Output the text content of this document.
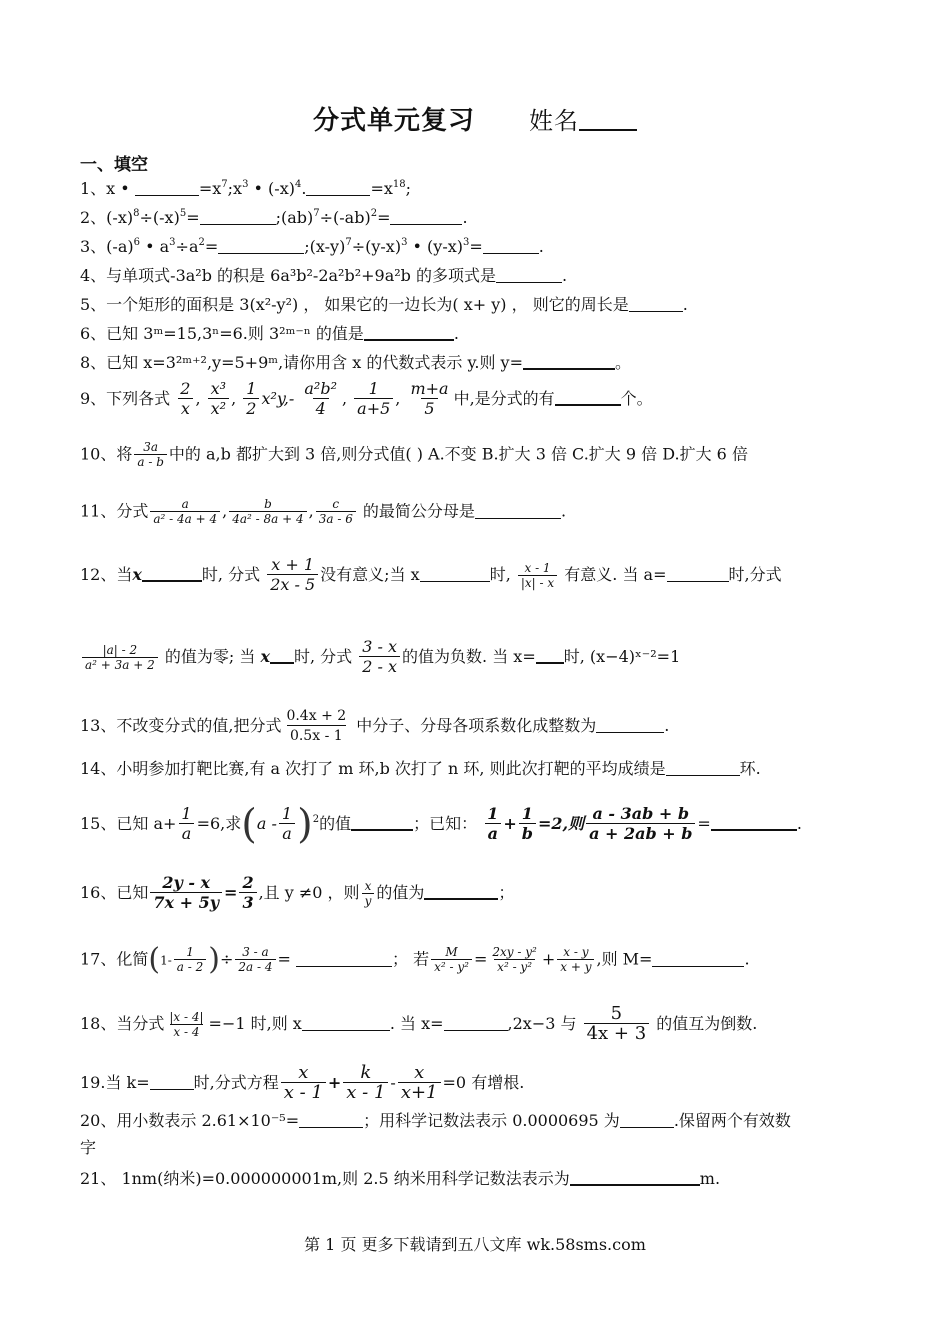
分式单元复习 姓名
一、填空
1、x •	$=x^7;x^3$ • $(-x)^4$.	$=x^{18}$;
2、$(-x)^8\div(-x)^5=$	$;(ab)^7\div(-ab)^2=$	.
3、$(-a)^6$ • $a^3\div a^2=$	$;(x-y)^7\div(y-x)^3$ • $(y-x)^3=$	.
4、与单项式-3a²b 的积是 6a³b²-2a²b²+9a²b 的多项式是	.
5、一个矩形的面积是 3(x²-y²) ， 如果它的一边长为( x+ y) ， 则它的周长是	.
6、已知 3ᵐ=15,3ⁿ=6.则 3²ᵐ⁻ⁿ 的值是	.
8、已知 x=3²ᵐ⁺²,y=5+9ᵐ,请你用含 x 的代数式表示 y.则 y=	。
9、下列各式 $\frac{2}{x}$ , $\frac{\text{x³}}{\text{x²}}$ , $\frac{1}{2} x^2y,- \frac{\text{a²b²}}{4}$ , $\frac{1}{a+5}$ , $\frac{m+a}{5}$ 中,是分式的有	个。
10、将 $\frac{3a}{a - b}$ 中的 a,b 都扩大到 3 倍,则分式值( ) A.不变 B.扩大 3 倍 C.扩大 9 倍 D.扩大 6 倍
11、分式 $\frac{a}{\text{a² - 4a + 4}}$ , $\frac{b}{\text{4a² - 8a + 4}}$ , $\frac{c}{3a - 6}$ 的最简公分母是	.
12、当x	时, 分式 $\frac{x + 1}{2x - 5}$ 没有意义;当 x	时, $\frac{x - 1}{|x| - x}$ 有意义. 当 a=	时,分式
$\frac{|a| - 2}{\text{a² + 3a + 2}}$ 的值为零; 当 x 时, 分式 $\frac{3 - x}{2 - x}$ 的值为负数. 当 x= 时, (x−4)ˣ⁻²=1
13、不改变分式的值,把分式 $\frac{0.4x + 2}{0.5x - 1}$ 中分子、分母各项系数化成整数为	.
14、小明参加打靶比赛,有 a 次打了 m 环,b 次打了 n 环, 则此次打靶的平均成绩是	环.
15、已知 $a+ \frac{1}{a} =6$,求$(a - \frac{1}{a} )^2$的值	；已知： $\frac{1}{a} + \frac{1}{b} =2$,则 $\frac{a - 3ab + b}{a + 2ab + b}$ =	.
16、已知 $\frac{2y - x}{7x + 5y} = \frac{2}{3}$ ,且 y ≠0 ，则 $\frac{x}{y}$ 的值为	；
17、化简($1- \frac{1}{a - 2}$ )÷ $\frac{3 - a}{2a - 4}$ =	； 若 $\frac{M}{\text{x² - y²}} = \frac{\text{2xy - y²}}{\text{x² - y²}} + \frac{x - y}{x + y}$ ,则 M=	.
18、当分式 $\frac{|x - 4|}{x - 4} =-1$ 时,则 x	. 当 x=	,2x−3 与 $\frac{5}{4x + 3}$ 的值互为倒数.
19.当 k=	时,分式方程 $\frac{x}{x - 1} + \frac{k}{x - 1} - \frac{x}{x+1} =0$ 有增根.
20、用小数表示 2.61×10⁻⁵=	；用科学记数法表示 0.0000695 为	.保留两个有效数
字
21、 1nm(纳米)=0.000000001m,则 2.5 纳米用科学记数法表示为	m.
第 1 页 更多下载请到五八文库 wk.58sms.com
